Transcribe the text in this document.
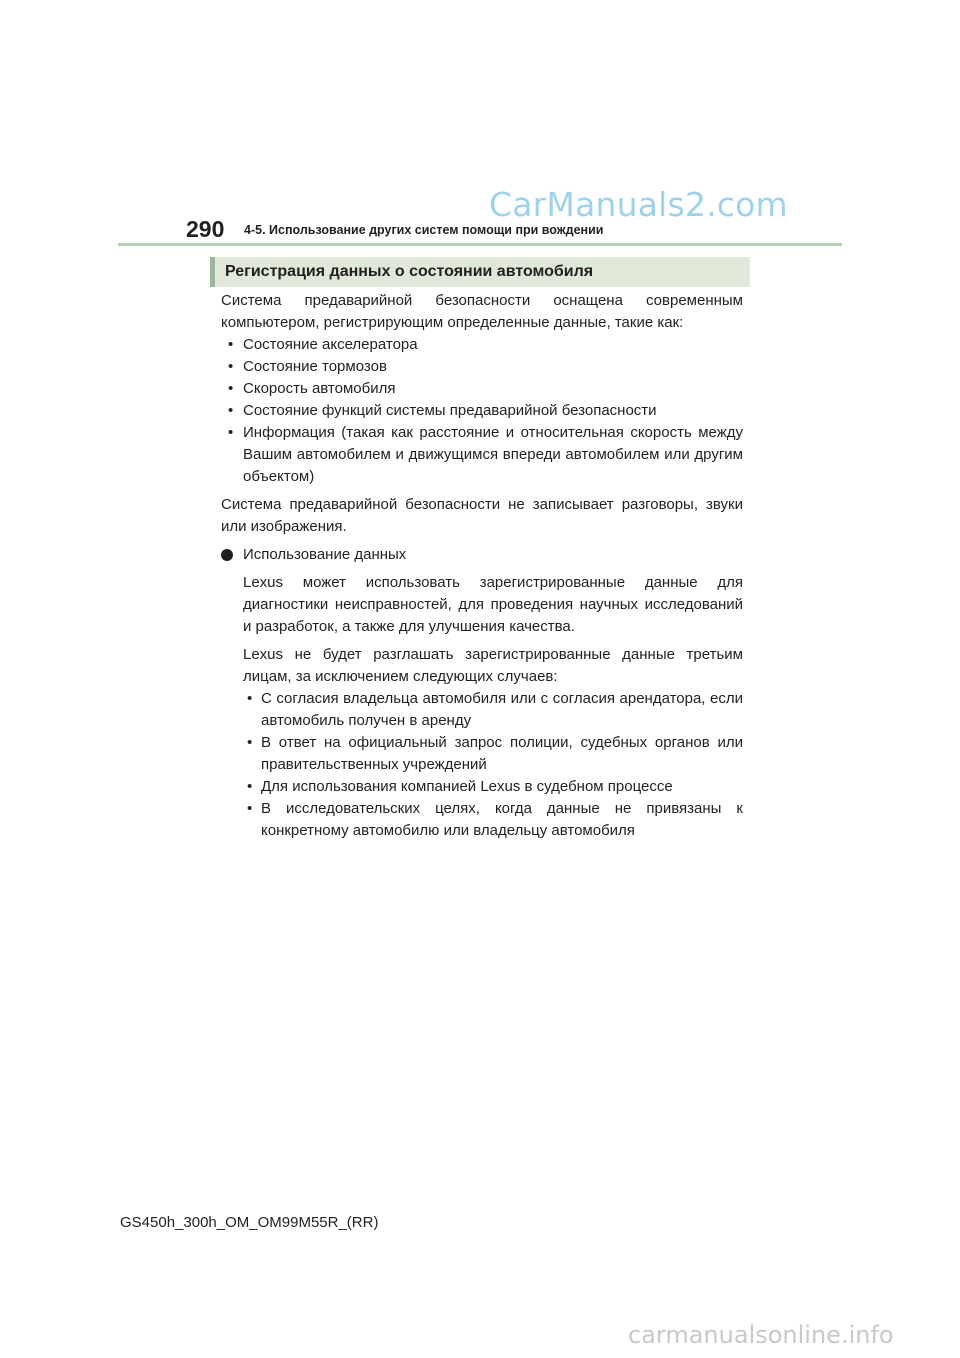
CarManuals2.com
290 4-5. Использование других систем помощи при вождении
Регистрация данных о состоянии автомобиля

Система предаварийной безопасности оснащена современным компьютером, регистрирующим определенные данные, такие как:

• Состояние акселератора
• Состояние тормозов
• Скорость автомобиля
• Состояние функций системы предаварийной безопасности
• Информация (такая как расстояние и относительная скорость между Вашим автомобилем и движущимся впереди автомобилем или другим объектом)

Система предаварийной безопасности не записывает разговоры, звуки или изображения.

Использование данных

Lexus может использовать зарегистрированные данные для диагностики неисправностей, для проведения научных исследований и разработок, а также для улучшения качества.

Lexus не будет разглашать зарегистрированные данные третьим лицам, за исключением следующих случаев:

• С согласия владельца автомобиля или с согласия арендатора, если автомобиль получен в аренду
• В ответ на официальный запрос полиции, судебных органов или правительственных учреждений
• Для использования компанией Lexus в судебном процессе
• В исследовательских целях, когда данные не привязаны к конкретному автомобилю или владельцу автомобиля
GS450h_300h_OM_OM99M55R_(RR)
carmanualsonline.info
